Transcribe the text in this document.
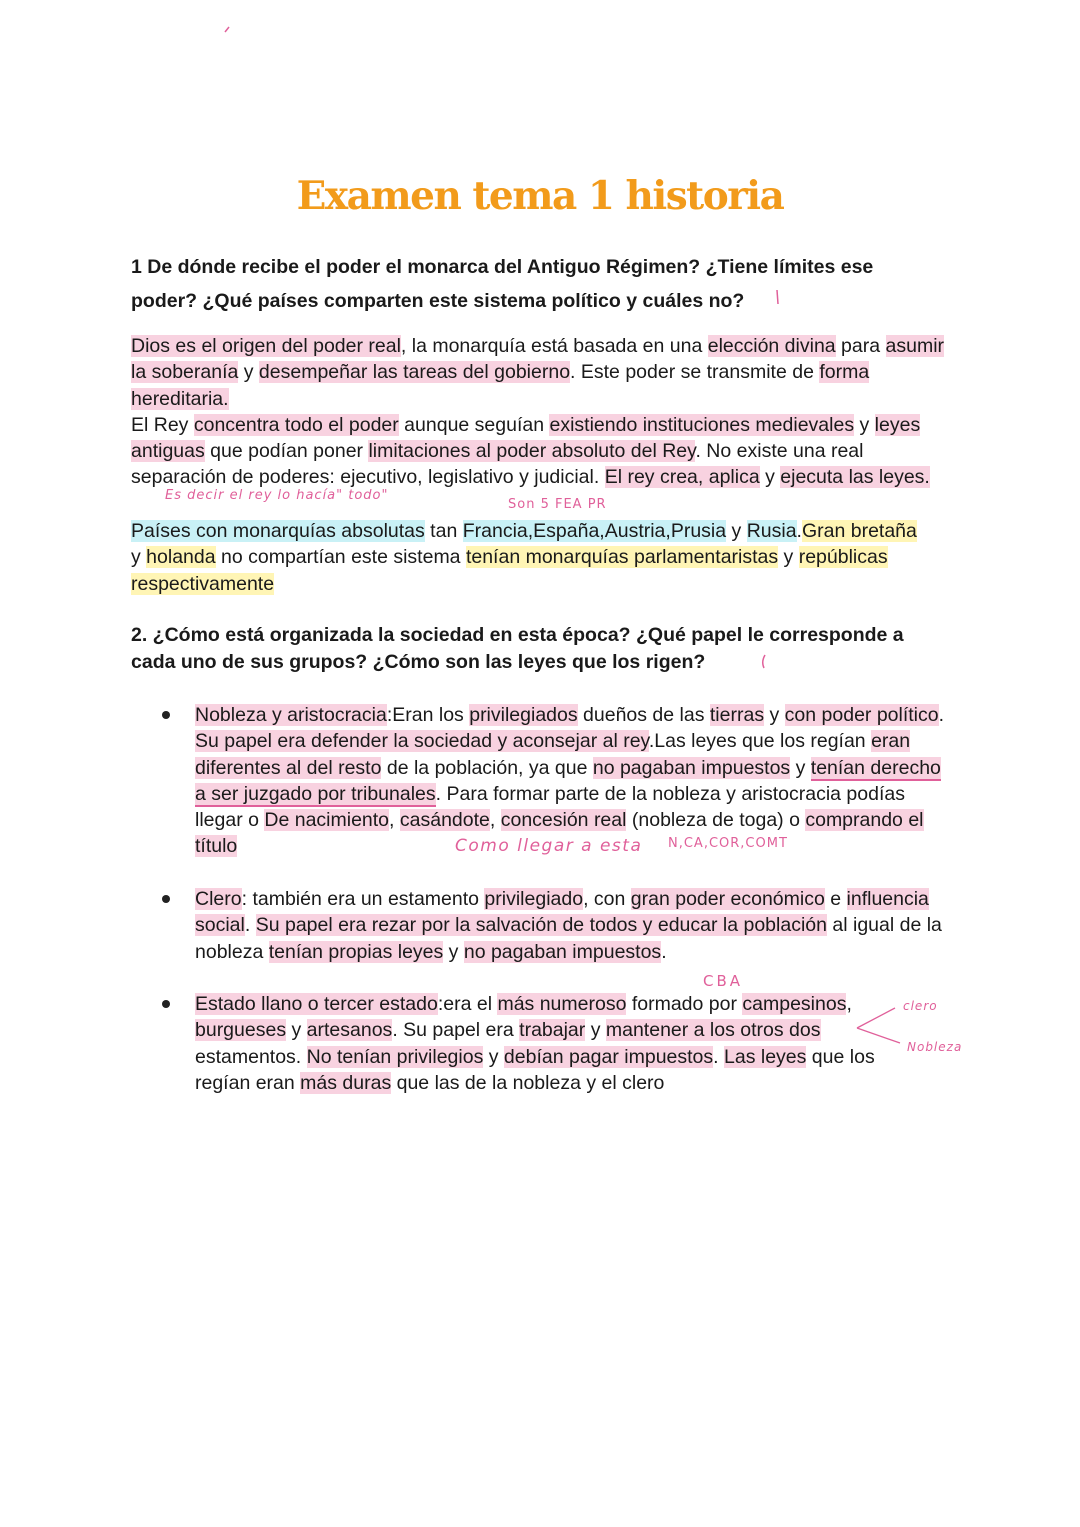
Examen tema 1 historia

1 De dónde recibe el poder el monarca del Antiguo Régimen? ¿Tiene límites ese

poder? ¿Qué países comparten este sistema político y cuáles no?

Dios es el origen del poder real, la monarquía está basada en una elección divina para asumir la soberanía y desempeñar las tareas del gobierno. Este poder se transmite de forma hereditaria.
El Rey concentra todo el poder aunque seguían existiendo instituciones medievales y leyes antiguas que podían poner limitaciones al poder absoluto del Rey. No existe una real separación de poderes: ejecutivo, legislativo y judicial. El rey crea, aplica y ejecuta las leyes.

Es decir el rey lo hacía" todo"
Son 5 FEA PR

Países con monarquías absolutas tan Francia,España,Austria,Prusia y Rusia.Gran bretaña
y holanda no compartían este sistema tenían monarquías parlamentaristas y repúblicas respectivamente

2. ¿Cómo está organizada la sociedad en esta época? ¿Qué papel le corresponde a

cada uno de sus grupos? ¿Cómo son las leyes que los rigen?

Nobleza y aristocracia:Eran los privilegiados dueños de las tierras y con poder político. Su papel era defender la sociedad y aconsejar al rey.Las leyes que los regían eran diferentes al del resto de la población, ya que no pagaban impuestos y tenían derecho a ser juzgado por tribunales. Para formar parte de la nobleza y aristocracia podías llegar o De nacimiento, casándote, concesión real (nobleza de toga) o comprando el título	Como llegar a esta N,CA,COR,COMT

Clero: también era un estamento privilegiado, con gran poder económico e influencia social. Su papel era rezar por la salvación de todos y educar la población al igual de la nobleza tenían propias leyes y no pagaban impuestos.

CBA

Estado llano o tercer estado:era el más numeroso formado por campesinos, burgueses y artesanos. Su papel era trabajar y mantener a los otros dos estamentos. No tenían privilegios y debían pagar impuestos. Las leyes que los regían eran más duras que las de la nobleza y el clero

clero
Nobleza
